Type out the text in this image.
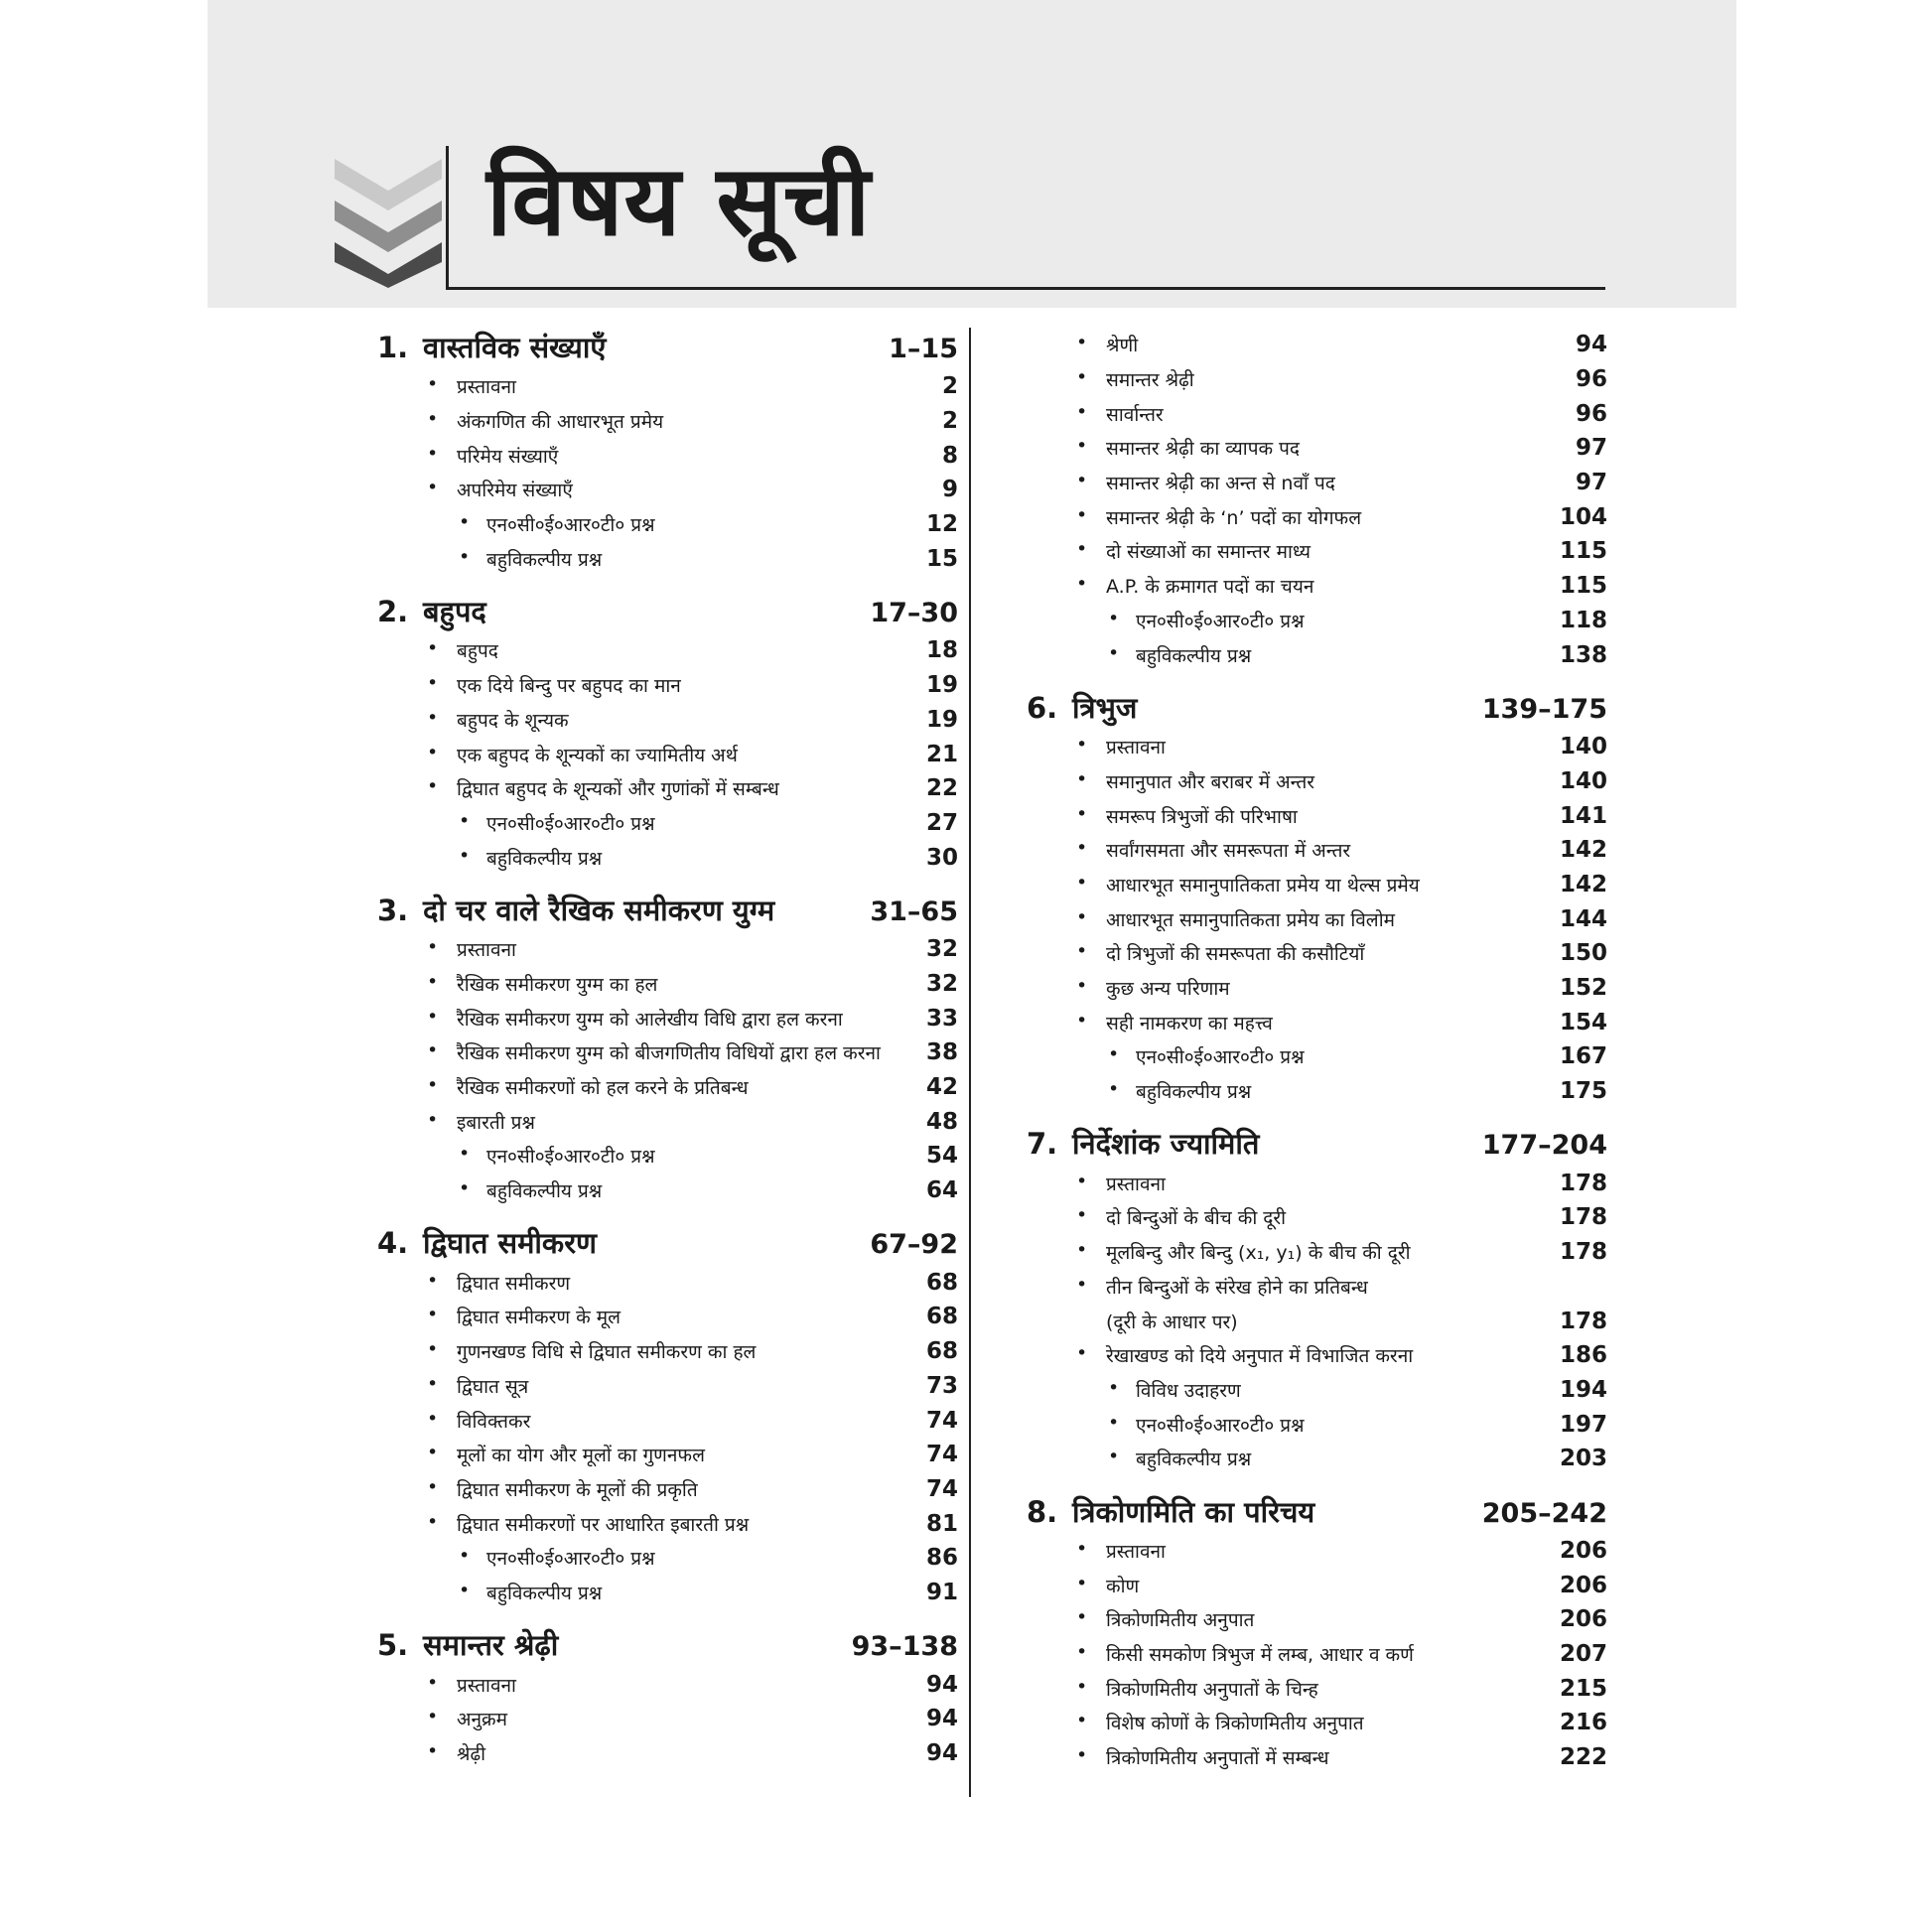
विषय सूची
1. वास्तविक संख्याएँ	1–15
• प्रस्तावना	2
• अंकगणित की आधारभूत प्रमेय	2
• परिमेय संख्याएँ	8
• अपरिमेय संख्याएँ	9
• एन०सी०ई०आर०टी० प्रश्न	12
• बहुविकल्पीय प्रश्न	15
2. बहुपद	17–30
• बहुपद	18
• एक दिये बिन्दु पर बहुपद का मान	19
• बहुपद के शून्यक	19
• एक बहुपद के शून्यकों का ज्यामितीय अर्थ	21
• द्विघात बहुपद के शून्यकों और गुणांकों में सम्बन्ध	22
• एन०सी०ई०आर०टी० प्रश्न	27
• बहुविकल्पीय प्रश्न	30
3. दो चर वाले रैखिक समीकरण युग्म	31–65
• प्रस्तावना	32
• रैखिक समीकरण युग्म का हल	32
• रैखिक समीकरण युग्म को आलेखीय विधि द्वारा हल करना	33
• रैखिक समीकरण युग्म को बीजगणितीय विधियों द्वारा हल करना 38
• रैखिक समीकरणों को हल करने के प्रतिबन्ध	42
• इबारती प्रश्न	48
• एन०सी०ई०आर०टी० प्रश्न	54
• बहुविकल्पीय प्रश्न	64
4. द्विघात समीकरण	67–92
• द्विघात समीकरण	68
• द्विघात समीकरण के मूल	68
• गुणनखण्ड विधि से द्विघात समीकरण का हल	68
• द्विघात सूत्र	73
• विविक्तकर	74
• मूलों का योग और मूलों का गुणनफल	74
• द्विघात समीकरण के मूलों की प्रकृति	74
• द्विघात समीकरणों पर आधारित इबारती प्रश्न	81
• एन०सी०ई०आर०टी० प्रश्न	86
• बहुविकल्पीय प्रश्न	91
5. समान्तर श्रेढ़ी	93–138
• प्रस्तावना	94
• अनुक्रम	94
• श्रेढ़ी	94
• श्रेणी	94
• समान्तर श्रेढ़ी	96
• सार्वान्तर	96
• समान्तर श्रेढ़ी का व्यापक पद	97
• समान्तर श्रेढ़ी का अन्त से nवाँ पद	97
• समान्तर श्रेढ़ी के ‘n’ पदों का योगफल	104
• दो संख्याओं का समान्तर माध्य	115
• A.P. के क्रमागत पदों का चयन	115
• एन०सी०ई०आर०टी० प्रश्न	118
• बहुविकल्पीय प्रश्न	138
6. त्रिभुज	139–175
• प्रस्तावना	140
• समानुपात और बराबर में अन्तर	140
• समरूप त्रिभुजों की परिभाषा	141
• सर्वांगसमता और समरूपता में अन्तर	142
• आधारभूत समानुपातिकता प्रमेय या थेल्स प्रमेय	142
• आधारभूत समानुपातिकता प्रमेय का विलोम	144
• दो त्रिभुजों की समरूपता की कसौटियाँ	150
• कुछ अन्य परिणाम	152
• सही नामकरण का महत्त्व	154
• एन०सी०ई०आर०टी० प्रश्न	167
• बहुविकल्पीय प्रश्न	175
7. निर्देशांक ज्यामिति	177–204
• प्रस्तावना	178
• दो बिन्दुओं के बीच की दूरी	178
• मूलबिन्दु और बिन्दु (x₁, y₁) के बीच की दूरी	178
• तीन बिन्दुओं के संरेख होने का प्रतिबन्ध
(दूरी के आधार पर)	178
• रेखाखण्ड को दिये अनुपात में विभाजित करना	186
• विविध उदाहरण	194
• एन०सी०ई०आर०टी० प्रश्न	197
• बहुविकल्पीय प्रश्न	203
8. त्रिकोणमिति का परिचय	205–242
• प्रस्तावना	206
• कोण	206
• त्रिकोणमितीय अनुपात	206
• किसी समकोण त्रिभुज में लम्ब, आधार व कर्ण	207
• त्रिकोणमितीय अनुपातों के चिन्ह	215
• विशेष कोणों के त्रिकोणमितीय अनुपात	216
• त्रिकोणमितीय अनुपातों में सम्बन्ध	222
